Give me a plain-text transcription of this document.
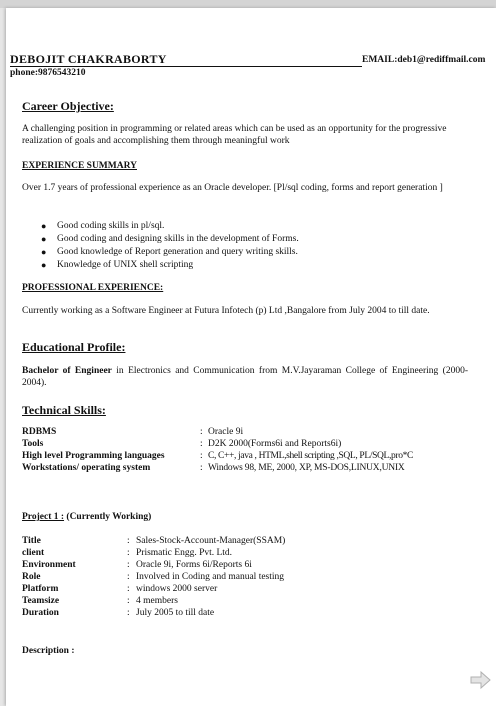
DEBOJIT CHAKRABORTY	EMAIL:deb1@rediffmail.com
phone:9876543210
Career Objective:
A challenging position in programming or related areas which can be used as an opportunity for the progressive realization of goals and accomplishing them through meaningful work
EXPERIENCE SUMMARY
Over 1.7 years of professional experience as an Oracle developer. [Pl/sql coding, forms and report generation ]
● Good coding skills in pl/sql.
● Good coding and designing skills in the development of Forms.
● Good knowledge of Report generation and query writing skills.
● Knowledge of UNIX shell scripting
PROFESSIONAL EXPERIENCE:
Currently working as a Software Engineer at Futura Infotech (p) Ltd ,Bangalore from July 2004 to till date.
Educational Profile:
Bachelor of Engineer in Electronics and Communication from M.V.Jayaraman College of Engineering (2000-2004).
Technical Skills:
RDBMS	: Oracle 9i
Tools	: D2K 2000(Forms6i and Reports6i)
High level Programming languages	: C, C++, java , HTML,shell scripting ,SQL, PL/SQL,pro*C
Workstations/ operating system	: Windows 98, ME, 2000, XP, MS-DOS,LINUX,UNIX
Project 1 : (Currently Working)
Title	: Sales-Stock-Account-Manager(SSAM)
client	: Prismatic Engg. Pvt. Ltd.
Environment	: Oracle 9i, Forms 6i/Reports 6i
Role	: Involved in Coding and manual testing
Platform	: windows 2000 server
Teamsize	: 4 members
Duration	: July 2005 to till date
Description :
